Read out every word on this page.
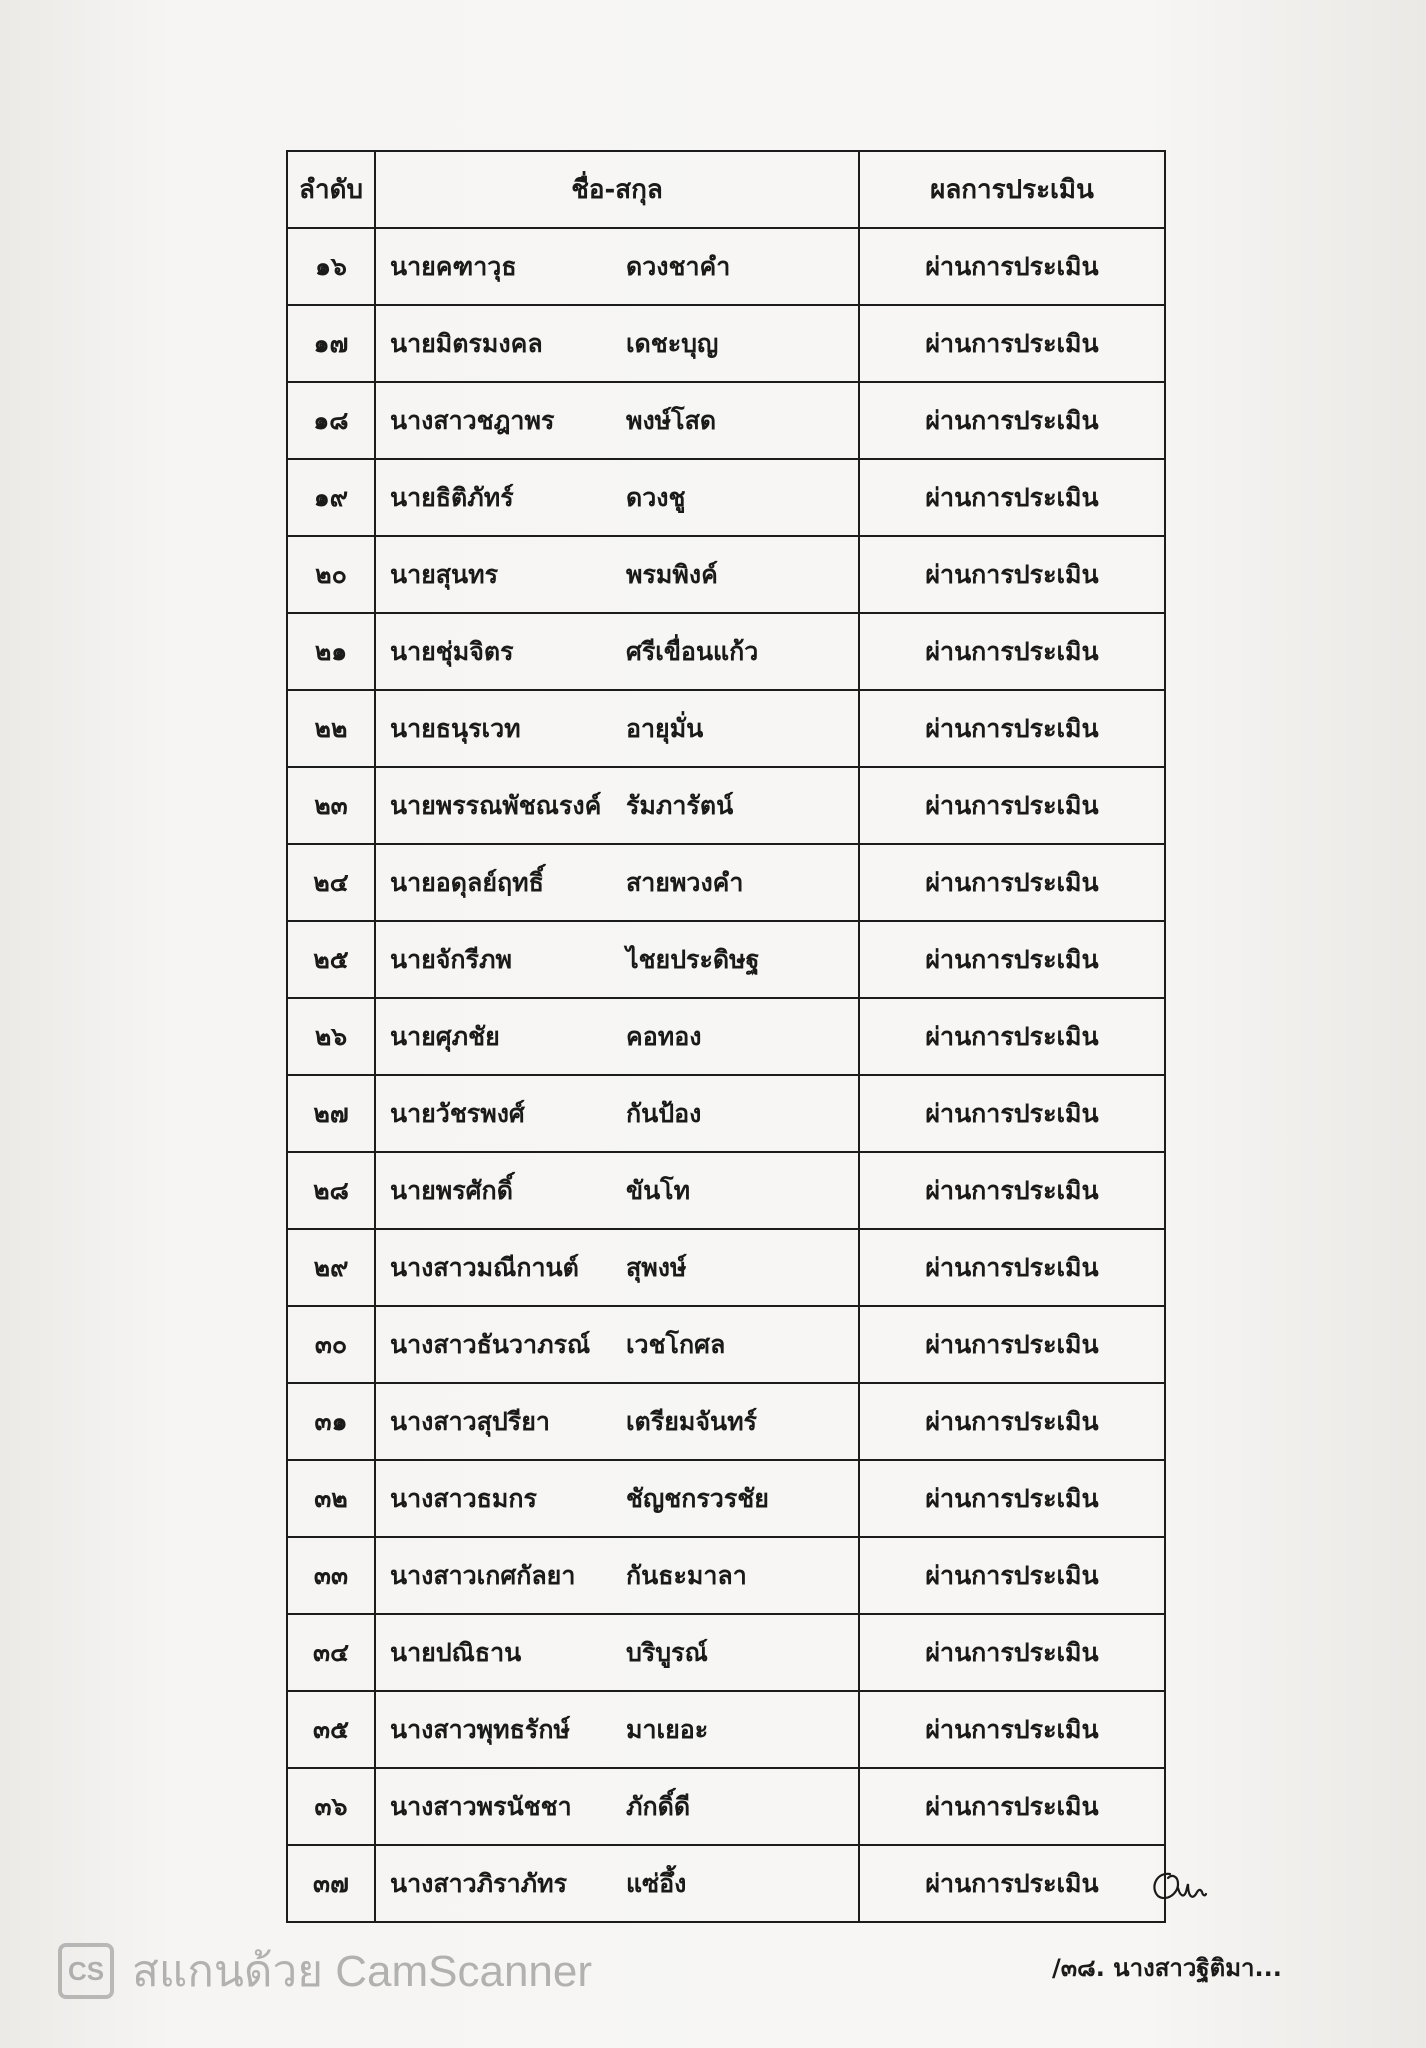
ลำดับ	ชื่อ-สกุล	ผลการประเมิน
๑๖	นายคฑาวุธ ดวงชาคำ	ผ่านการประเมิน
๑๗	นายมิตรมงคล เดชะบุญ	ผ่านการประเมิน
๑๘	นางสาวชฎาพร พงษ์โสด	ผ่านการประเมิน
๑๙	นายธิติภัทร์ ดวงชู	ผ่านการประเมิน
๒๐	นายสุนทร พรมพิงค์	ผ่านการประเมิน
๒๑	นายชุ่มจิตร ศรีเขื่อนแก้ว	ผ่านการประเมิน
๒๒	นายธนุรเวท อายุมั่น	ผ่านการประเมิน
๒๓	นายพรรณพัชณรงค์ รัมภารัตน์	ผ่านการประเมิน
๒๔	นายอดุลย์ฤทธิ์ สายพวงคำ	ผ่านการประเมิน
๒๕	นายจักรีภพ ไชยประดิษฐ	ผ่านการประเมิน
๒๖	นายศุภชัย คอทอง	ผ่านการประเมิน
๒๗	นายวัชรพงศ์ กันป้อง	ผ่านการประเมิน
๒๘	นายพรศักดิ์ ขันโท	ผ่านการประเมิน
๒๙	นางสาวมณีกานต์ สุพงษ์	ผ่านการประเมิน
๓๐	นางสาวธันวาภรณ์ เวชโกศล	ผ่านการประเมิน
๓๑	นางสาวสุปรียา เตรียมจันทร์	ผ่านการประเมิน
๓๒	นางสาวธมกร ชัญชกรวรชัย	ผ่านการประเมิน
๓๓	นางสาวเกศกัลยา กันธะมาลา	ผ่านการประเมิน
๓๔	นายปณิธาน บริบูรณ์	ผ่านการประเมิน
๓๕	นางสาวพุทธรักษ์ มาเยอะ	ผ่านการประเมิน
๓๖	นางสาวพรนัชชา ภักดิ์ดี	ผ่านการประเมิน
๓๗	นางสาวภิราภัทร แซ่อึ้ง	ผ่านการประเมิน
/๓๘. นางสาวฐิติมา...
CS สแกนด้วย CamScanner
